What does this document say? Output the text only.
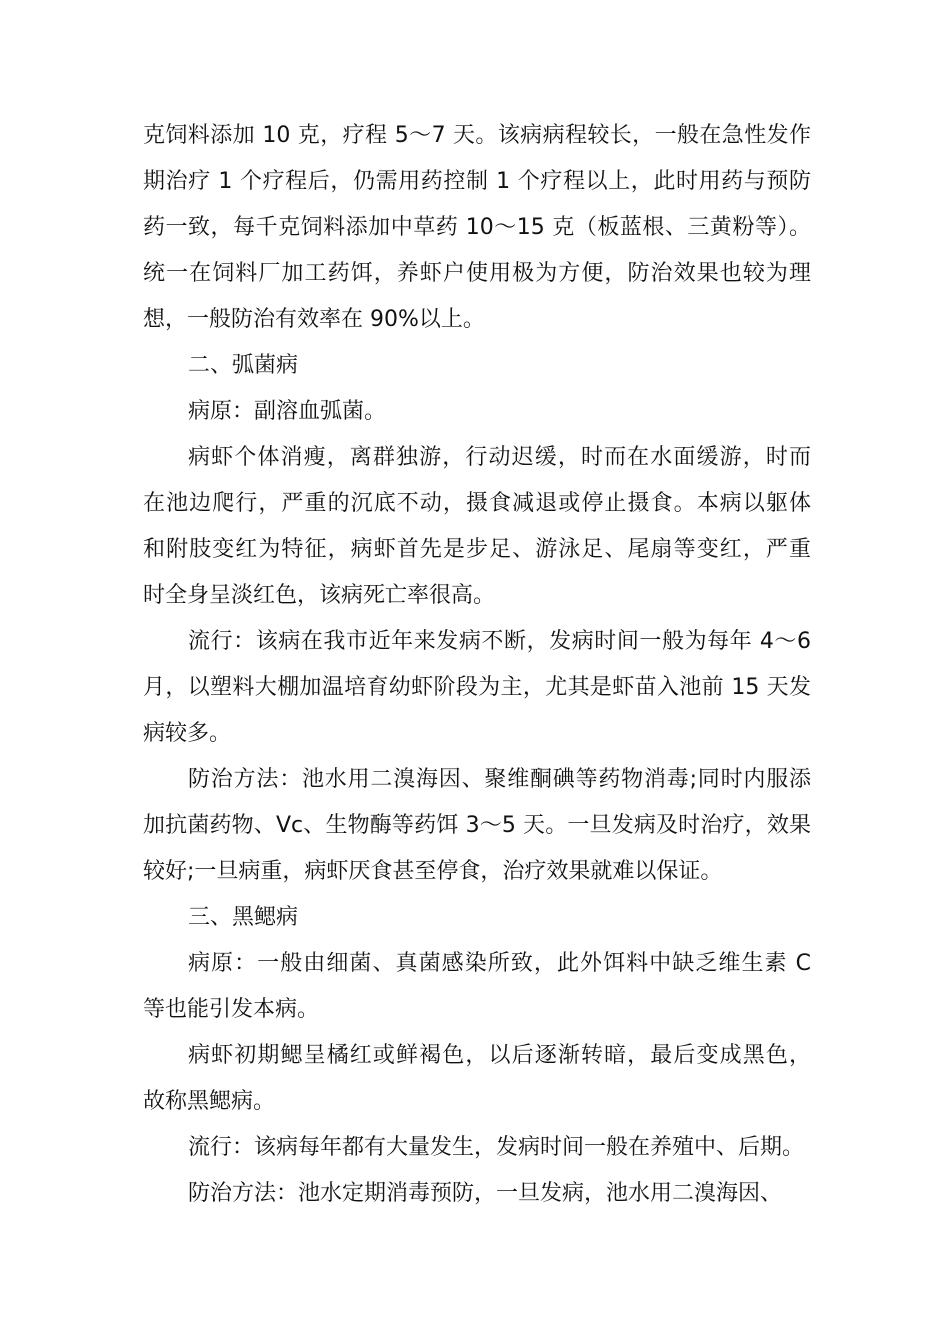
克饲料添加 10 克，疗程 5～7 天。该病病程较长，一般在急性发作
期治疗 1 个疗程后，仍需用药控制 1 个疗程以上，此时用药与预防
药一致，每千克饲料添加中草药 10～15 克（板蓝根、三黄粉等）。
统一在饲料厂加工药饵，养虾户使用极为方便，防治效果也较为理
想，一般防治有效率在 90%以上。
二、弧菌病
病原：副溶血弧菌。
病虾个体消瘦，离群独游，行动迟缓，时而在水面缓游，时而
在池边爬行，严重的沉底不动，摄食减退或停止摄食。本病以躯体
和附肢变红为特征，病虾首先是步足、游泳足、尾扇等变红，严重
时全身呈淡红色，该病死亡率很高。
流行：该病在我市近年来发病不断，发病时间一般为每年 4～6
月，以塑料大棚加温培育幼虾阶段为主，尤其是虾苗入池前 15 天发
病较多。
防治方法：池水用二溴海因、聚维酮碘等药物消毒;同时内服添
加抗菌药物、Vc、生物酶等药饵 3～5 天。一旦发病及时治疗，效果
较好;一旦病重，病虾厌食甚至停食，治疗效果就难以保证。
三、黑鳃病
病原：一般由细菌、真菌感染所致，此外饵料中缺乏维生素 C
等也能引发本病。
病虾初期鳃呈橘红或鲜褐色，以后逐渐转暗，最后变成黑色，
故称黑鳃病。
流行：该病每年都有大量发生，发病时间一般在养殖中、后期。
防治方法：池水定期消毒预防，一旦发病，池水用二溴海因、
